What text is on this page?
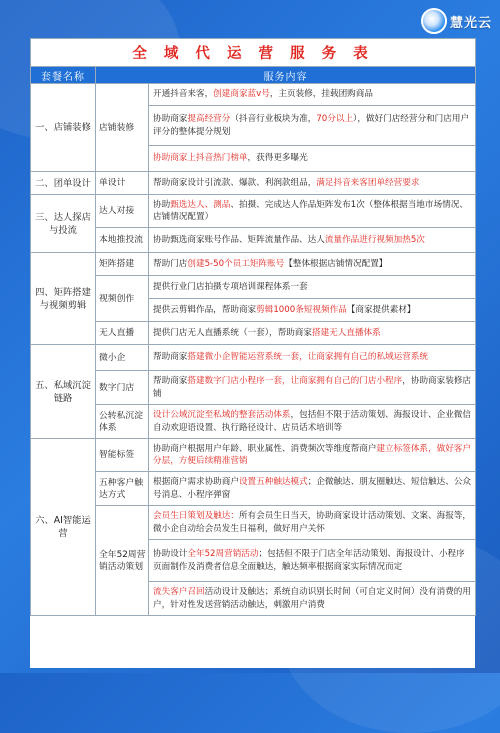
慧光云
全 域 代 运 营 服 务 表		
套餐名称	服务内容	
一、店铺装修	店铺装修	开通抖音来客，创建商家蓝v号，主页装修，挂载团购商品
		协助商家提高经营分（抖音行业板块为准，70分以上），做好门店经营分和门店用户评分的整体提分规划
		协助商家上抖音热门榜单，获得更多曝光
二、团单设计	单设计	帮助商家设计引流款、爆款、利润款组品，满足抖音来客团单经营要求
三、达人探店与投流	达人对接	协助甄选达人、测品、拍摄、完成达人作品矩阵发布1次（整体根据当地市场情况、店铺情况配置）
	本地推投流	协助甄选商家账号作品、矩阵流量作品、达人流量作品进行视频加热5次
四、矩阵搭建与视频剪辑	矩阵搭建	帮助门店创建5-50个员工矩阵账号【整体根据店铺情况配置】
	视频创作	提供行业门店拍摄专项培训课程体系一套
		提供云剪辑作品，帮助商家剪辑1000条短视频作品【商家提供素材】
	无人直播	提供门店无人直播系统（一套），帮助商家搭建无人直播体系
五、私域沉淀链路	微小企	帮助商家搭建微小企智能运营系统一套，让商家拥有自己的私域运营系统
	数字门店	帮助商家搭建数字门店小程序一套，让商家拥有自己的门店小程序，协助商家装修店铺
	公转私沉淀体系	设计公域沉淀至私域的整套活动体系，包括但不限于活动策划、海报设计、企业微信自动欢迎语设置、执行路径设计、店员话术培训等
六、AI智能运营	智能标签	协助商户根据用户年龄、职业属性、消费频次等维度帮商户建立标签体系，做好客户分层，方便后续精准营销
	五种客户触达方式	根据商户需求协助商户设置五种触达模式；企微触达、朋友圈触达、短信触达、公众号消息、小程序弹窗
	全年52周营销活动策划	会员生日策划及触达：所有会员生日当天，协助商家设计活动策划、文案、海报等，微小企自动给会员发生日福利，做好用户关怀
		协助设计全年52周营销活动；包括但不限于门店全年活动策划、海报设计、小程序页面制作及消费者信息全面触达，触达频率根据商家实际情况而定
		流失客户召回活动设计及触达；系统自动识别长时间（可自定义时间）没有消费的用户，针对性发送营销活动触达，刺激用户消费
